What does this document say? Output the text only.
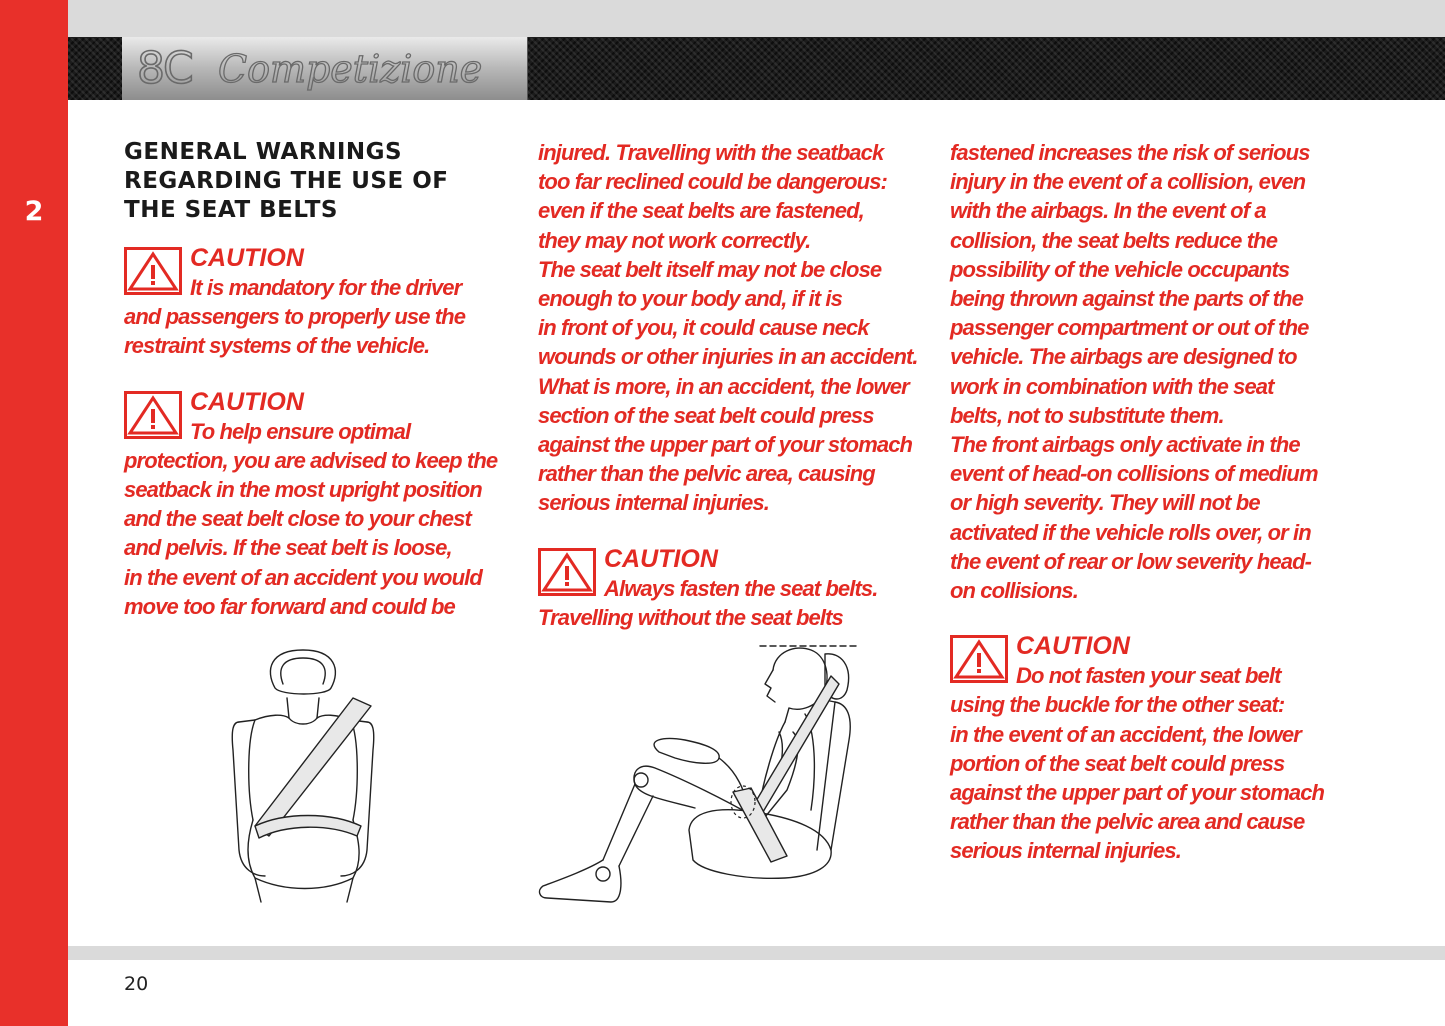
2
8C Competizione
GENERAL WARNINGS
REGARDING THE USE OF
THE SEAT BELTS
CAUTION
It is mandatory for the driver
and passengers to properly use the
restraint systems of the vehicle.
CAUTION
To help ensure optimal
protection, you are advised to keep the
seatback in the most upright position
and the seat belt close to your chest
and pelvis. If the seat belt is loose,
in the event of an accident you would
move too far forward and could be
injured. Travelling with the seatback
too far reclined could be dangerous:
even if the seat belts are fastened,
they may not work correctly.
The seat belt itself may not be close
enough to your body and, if it is
in front of you, it could cause neck
wounds or other injuries in an accident.
What is more, in an accident, the lower
section of the seat belt could press
against the upper part of your stomach
rather than the pelvic area, causing
serious internal injuries.
CAUTION
Always fasten the seat belts.
Travelling without the seat belts
fastened increases the risk of serious
injury in the event of a collision, even
with the airbags. In the event of a
collision, the seat belts reduce the
possibility of the vehicle occupants
being thrown against the parts of the
passenger compartment or out of the
vehicle. The airbags are designed to
work in combination with the seat
belts, not to substitute them.
The front airbags only activate in the
event of head-on collisions of medium
or high severity. They will not be
activated if the vehicle rolls over, or in
the event of rear or low severity head-
on collisions.
CAUTION
Do not fasten your seat belt
using the buckle for the other seat:
in the event of an accident, the lower
portion of the seat belt could press
against the upper part of your stomach
rather than the pelvic area and cause
serious internal injuries.
20
